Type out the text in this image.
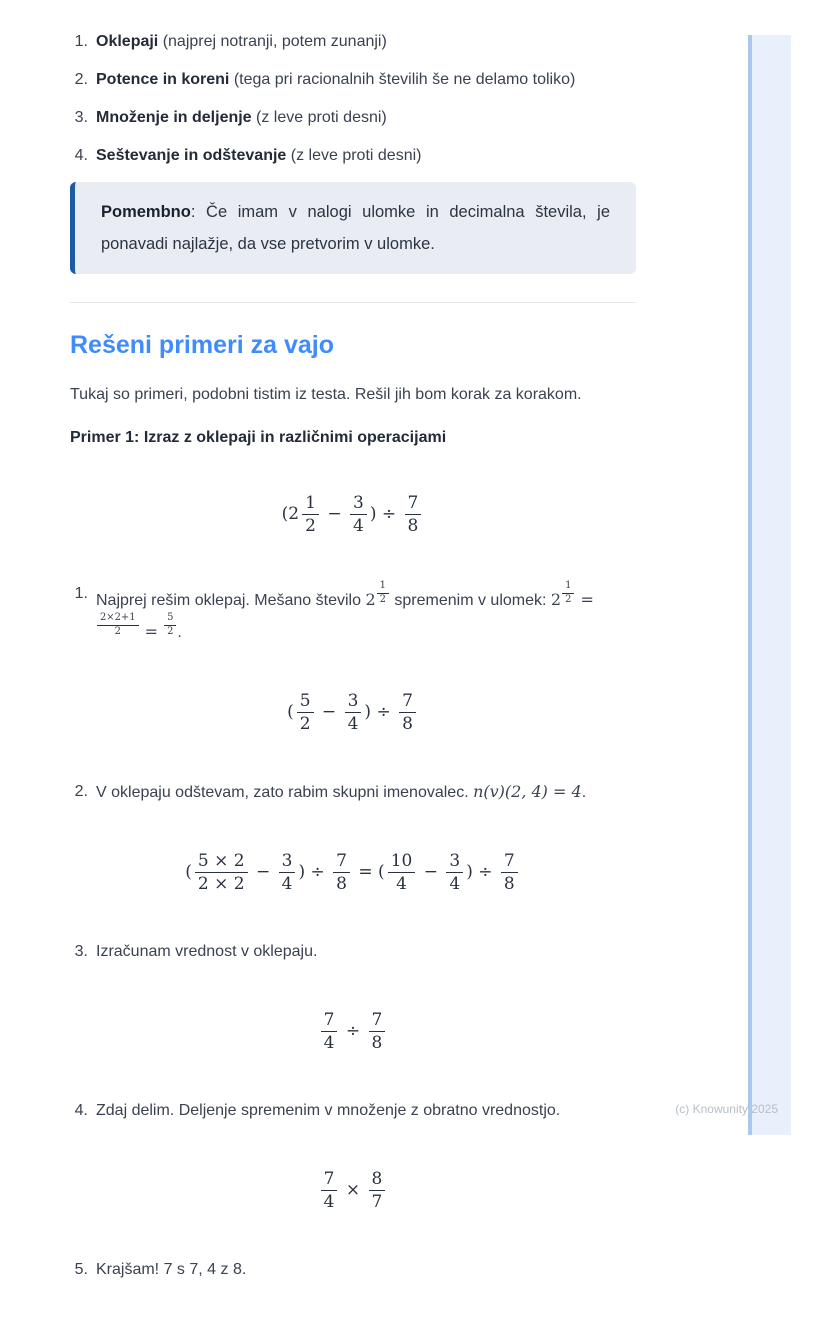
1. Oklepaji (najprej notranji, potem zunanji)
2. Potence in koreni (tega pri racionalnih številih še ne delamo toliko)
3. Množenje in deljenje (z leve proti desni)
4. Seštevanje in odštevanje (z leve proti desni)

Pomembno: Če imam v nalogi ulomke in decimalna števila, je ponavadi najlažje, da vse pretvorim v ulomke.

Rešeni primeri za vajo

Tukaj so primeri, podobni tistim iz testa. Rešil jih bom korak za korakom.

Primer 1: Izraz z oklepaji in različnimi operacijami

($2 \frac{1}{2} - \frac{3}{4}$ ) ÷ $\frac{7}{8}$
1. Najprej rešim oklepaj. Mešano število $2 \frac{1}{2}$ spremenim v ulomek: $2 \frac{1}{2}$ =
$\frac{2\times 2+1}{2} = \frac{5}{2}$ .
( $\frac{5}{2} - \frac{3}{4}$ ) ÷ $\frac{7}{8}$
2. V oklepaju odštevam, zato rabim skupni imenovalec. n(v)(2, 4) = 4.
( $\frac{5 \times 2}{2 \times 2} - \frac{3}{4}$ ) ÷ $\frac{7}{8}$ = ( $\frac{10}{4} - \frac{3}{4}$ ) ÷ $\frac{7}{8}$
3. Izračunam vrednost v oklepaju.
$\frac{7}{4} \div \frac{7}{8}$
4. Zdaj delim. Deljenje spremenim v množenje z obratno vrednostjo.
$\frac{7}{4} \times \frac{8}{7}$
5. Krajšam! 7 s 7, 4 z 8.
(c) Knowunity 2025
